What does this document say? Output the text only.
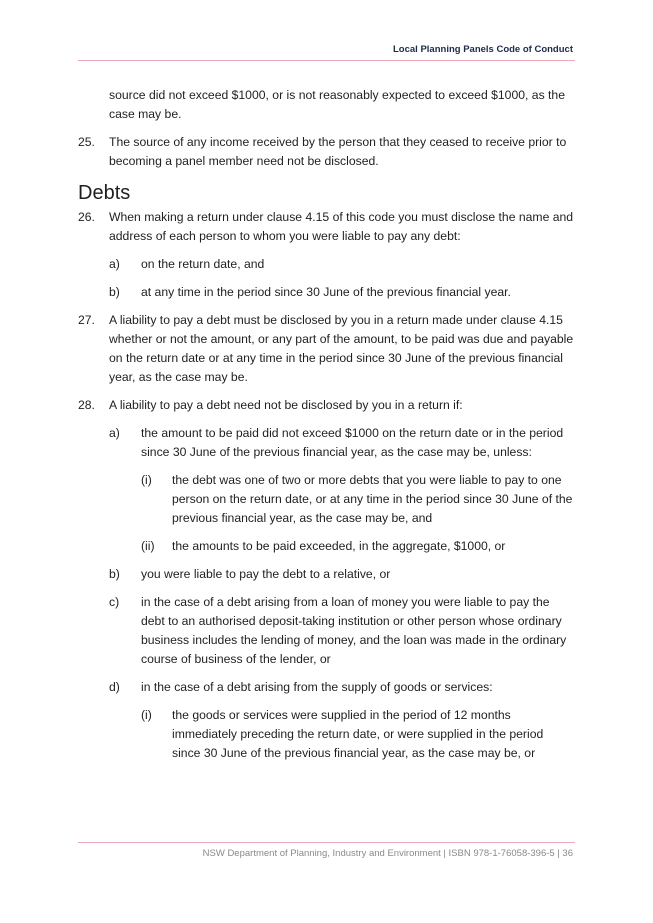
Local Planning Panels Code of Conduct

source did not exceed $1000, or is not reasonably expected to exceed $1000, as the case may be.

25. The source of any income received by the person that they ceased to receive prior to becoming a panel member need not be disclosed.

Debts

26. When making a return under clause 4.15 of this code you must disclose the name and address of each person to whom you were liable to pay any debt:

a) on the return date, and

b) at any time in the period since 30 June of the previous financial year.

27. A liability to pay a debt must be disclosed by you in a return made under clause 4.15 whether or not the amount, or any part of the amount, to be paid was due and payable on the return date or at any time in the period since 30 June of the previous financial year, as the case may be.

28. A liability to pay a debt need not be disclosed by you in a return if:

a) the amount to be paid did not exceed $1000 on the return date or in the period since 30 June of the previous financial year, as the case may be, unless:

(i) the debt was one of two or more debts that you were liable to pay to one person on the return date, or at any time in the period since 30 June of the previous financial year, as the case may be, and

(ii) the amounts to be paid exceeded, in the aggregate, $1000, or

b) you were liable to pay the debt to a relative, or

c) in the case of a debt arising from a loan of money you were liable to pay the debt to an authorised deposit-taking institution or other person whose ordinary business includes the lending of money, and the loan was made in the ordinary course of business of the lender, or

d) in the case of a debt arising from the supply of goods or services:

(i) the goods or services were supplied in the period of 12 months immediately preceding the return date, or were supplied in the period since 30 June of the previous financial year, as the case may be, or

NSW Department of Planning, Industry and Environment | ISBN 978-1-76058-396-5 | 36
